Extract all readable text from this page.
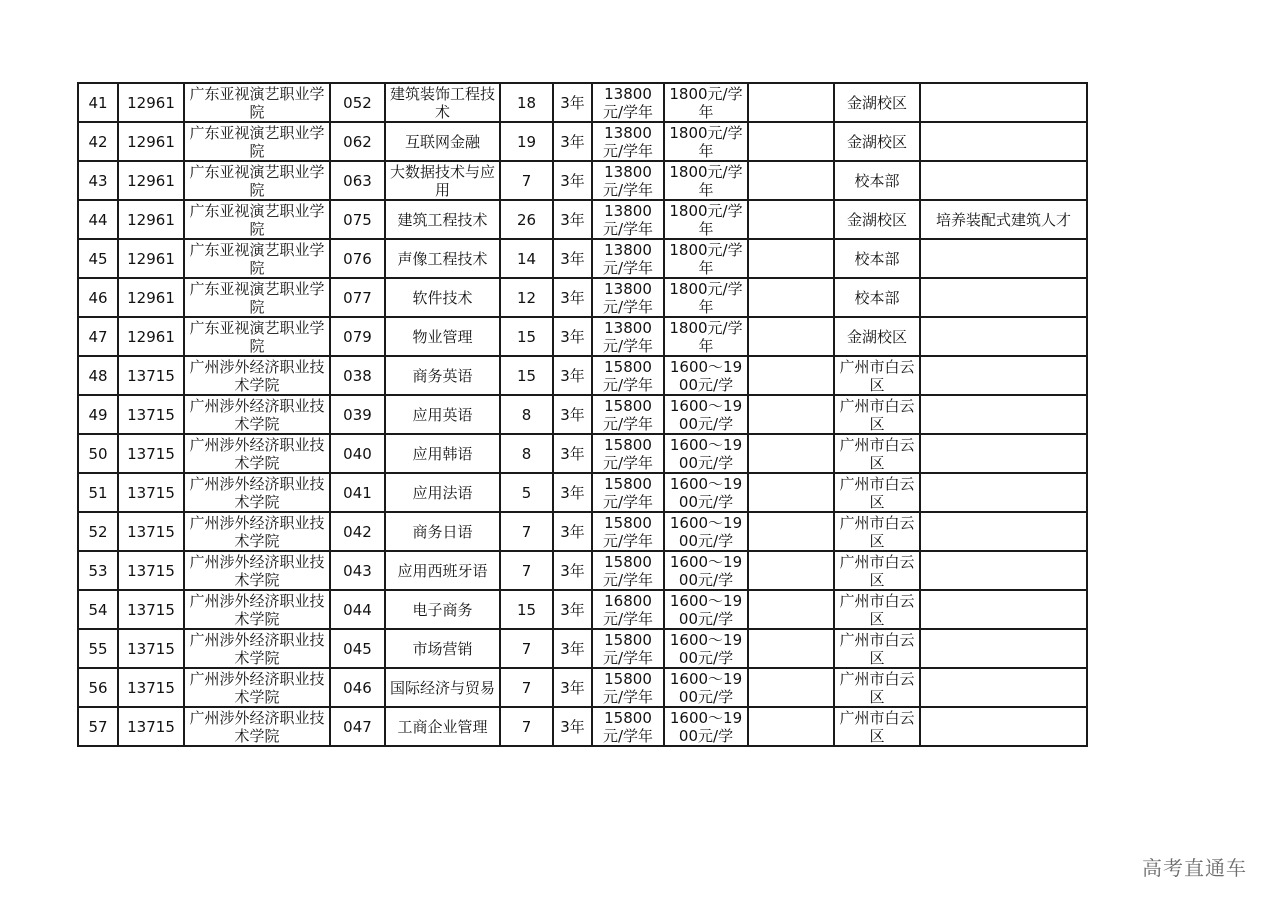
41	12961	广东亚视演艺职业学院	052	建筑装饰工程技术	18	3年	13800元/学年	1800元/学年		金湖校区	
42	12961	广东亚视演艺职业学院	062	互联网金融	19	3年	13800元/学年	1800元/学年		金湖校区	
43	12961	广东亚视演艺职业学院	063	大数据技术与应用	7	3年	13800元/学年	1800元/学年		校本部	
44	12961	广东亚视演艺职业学院	075	建筑工程技术	26	3年	13800元/学年	1800元/学年		金湖校区	培养装配式建筑人才
45	12961	广东亚视演艺职业学院	076	声像工程技术	14	3年	13800元/学年	1800元/学年		校本部	
46	12961	广东亚视演艺职业学院	077	软件技术	12	3年	13800元/学年	1800元/学年		校本部	
47	12961	广东亚视演艺职业学院	079	物业管理	15	3年	13800元/学年	1800元/学年		金湖校区	
48	13715	广州涉外经济职业技术学院	038	商务英语	15	3年	15800元/学年	1600～1900元/学		广州市白云区	
49	13715	广州涉外经济职业技术学院	039	应用英语	8	3年	15800元/学年	1600～1900元/学		广州市白云区	
50	13715	广州涉外经济职业技术学院	040	应用韩语	8	3年	15800元/学年	1600～1900元/学		广州市白云区	
51	13715	广州涉外经济职业技术学院	041	应用法语	5	3年	15800元/学年	1600～1900元/学		广州市白云区	
52	13715	广州涉外经济职业技术学院	042	商务日语	7	3年	15800元/学年	1600～1900元/学		广州市白云区	
53	13715	广州涉外经济职业技术学院	043	应用西班牙语	7	3年	15800元/学年	1600～1900元/学		广州市白云区	
54	13715	广州涉外经济职业技术学院	044	电子商务	15	3年	16800元/学年	1600～1900元/学		广州市白云区	
55	13715	广州涉外经济职业技术学院	045	市场营销	7	3年	15800元/学年	1600～1900元/学		广州市白云区	
56	13715	广州涉外经济职业技术学院	046	国际经济与贸易	7	3年	15800元/学年	1600～1900元/学		广州市白云区	
57	13715	广州涉外经济职业技术学院	047	工商企业管理	7	3年	15800元/学年	1600～1900元/学		广州市白云区	
高考直通车
